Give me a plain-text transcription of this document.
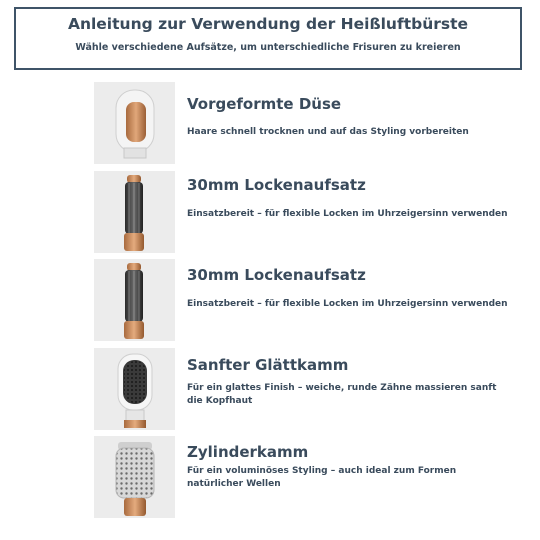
Anleitung zur Verwendung der Heißluftbürste
Wähle verschiedene Aufsätze, um unterschiedliche Frisuren zu kreieren
Vorgeformte Düse
Haare schnell trocknen und auf das Styling vorbereiten
30mm Lockenaufsatz
Einsatzbereit – für flexible Locken im Uhrzeigersinn verwenden
30mm Lockenaufsatz
Einsatzbereit – für flexible Locken im Uhrzeigersinn verwenden
Sanfter Glättkamm
Für ein glattes Finish – weiche, runde Zähne massieren sanft die Kopfhaut
Zylinderkamm
Für ein voluminöses Styling – auch ideal zum Formen natürlicher Wellen
